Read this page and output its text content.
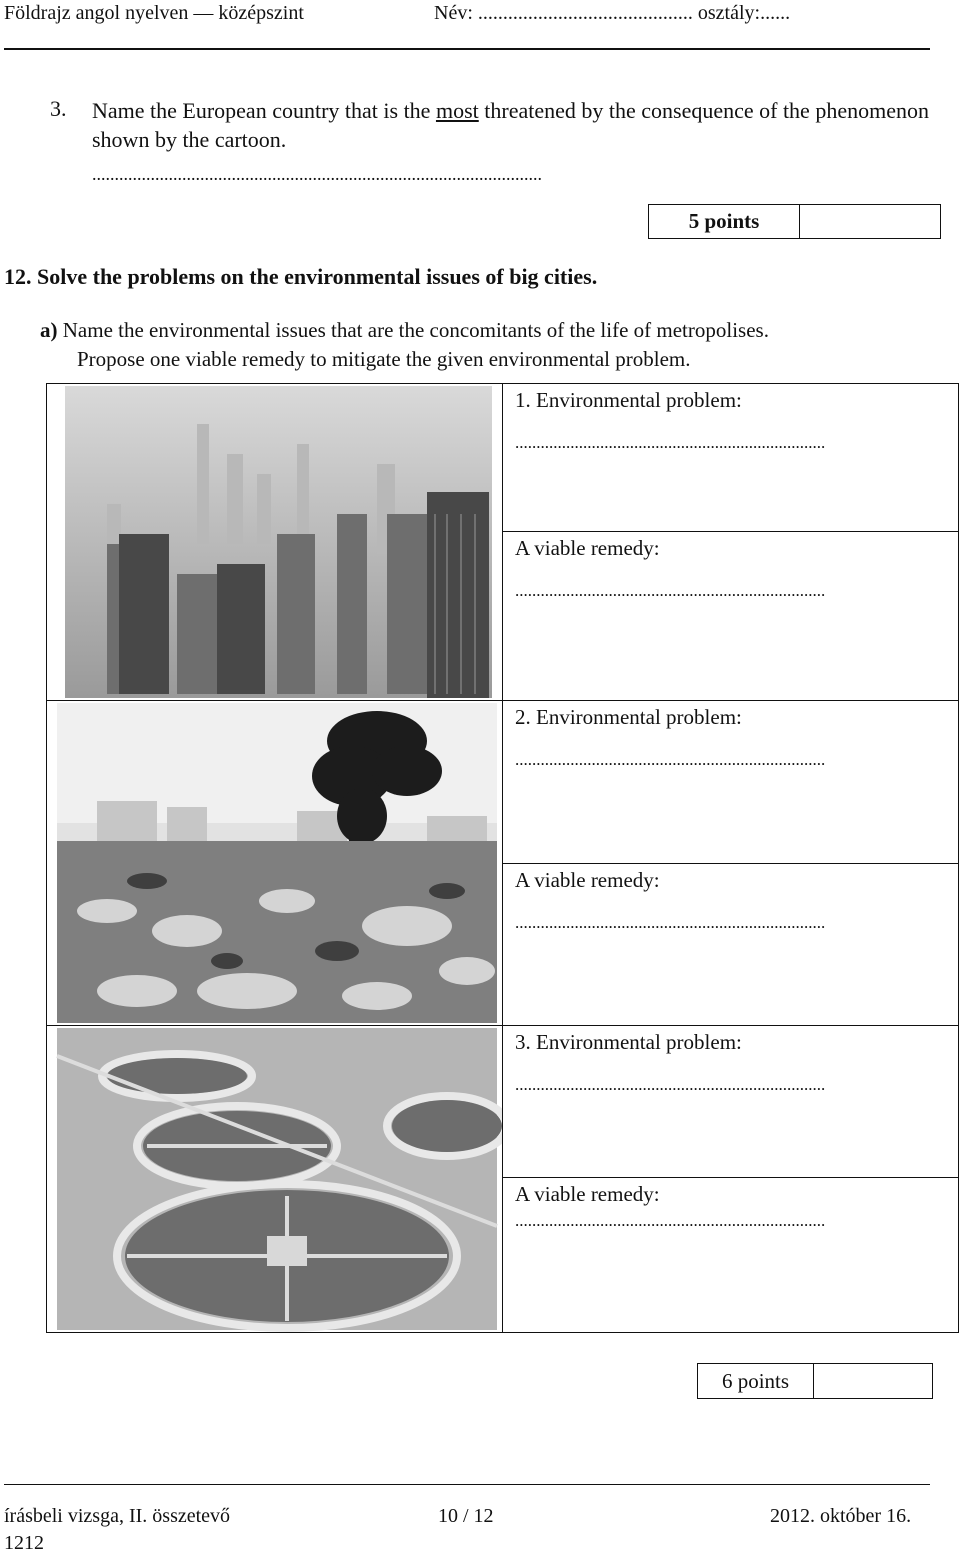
Földrajz angol nyelven — középszint	Név: ........................................... osztály:......
3. Name the European country that is the most threatened by the consequence of the phenomenon shown by the cartoon.
....................................................................................................
5 points
12. Solve the problems on the environmental issues of big cities.
a) Name the environmental issues that are the concomitants of the life of metropolises.
Propose one viable remedy to mitigate the given environmental problem.

1. Environmental problem:
.........................................................................

	A viable remedy:
.........................................................................

2. Environmental problem:
.........................................................................

	A viable remedy:
.........................................................................

3. Environmental problem:
.........................................................................

	A viable remedy:
.........................................................................
6 points
írásbeli vizsga, II. összetevő	10 / 12	2012. október 16.
1212
